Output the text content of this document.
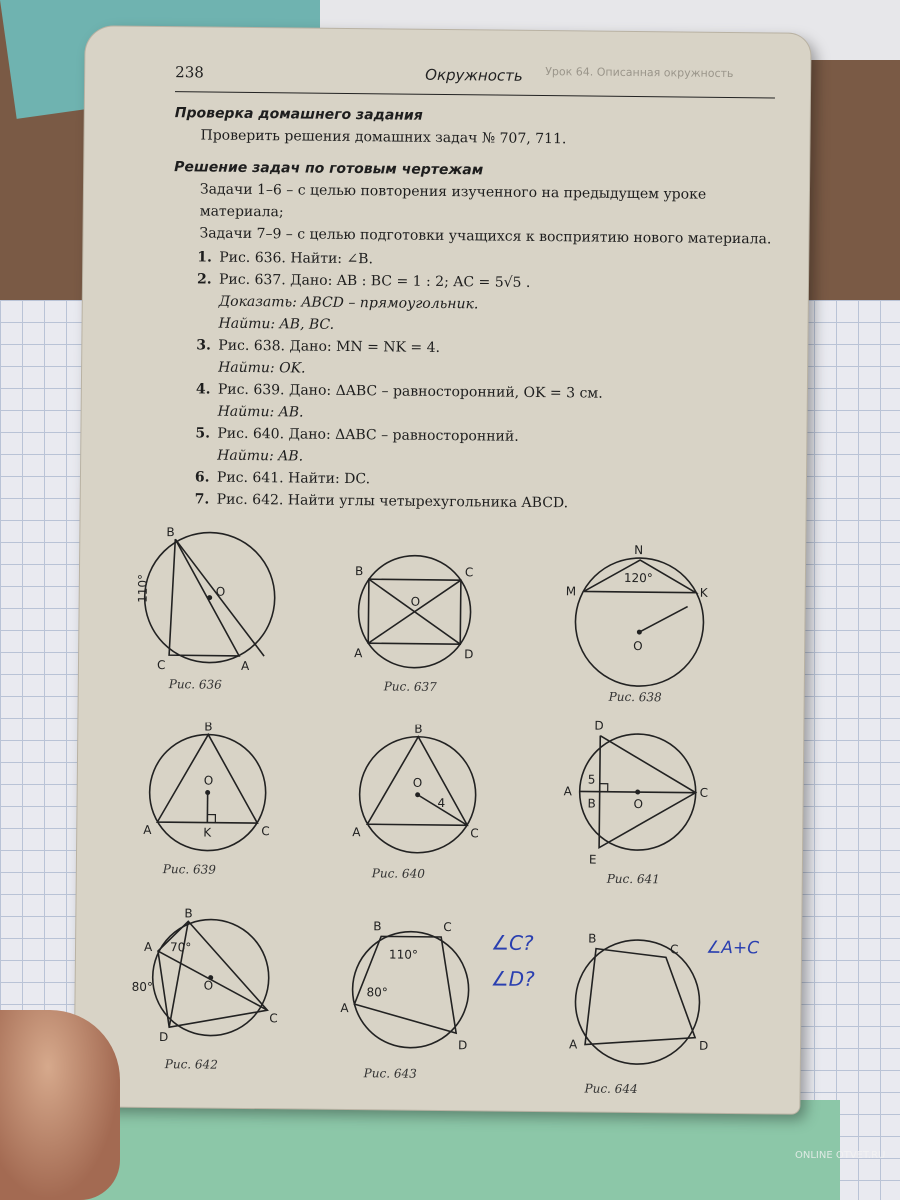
238	Окружность Урок 64. Описанная окружность
Проверка домашнего задания
Проверить решения домашних задач № 707, 711.
Решение задач по готовым чертежам
Задачи 1–6 – с целью повторения изученного на предыдущем уроке материала;
Задачи 7–9 – с целью подготовки учащихся к восприятию нового материала.
1. Рис. 636. Найти: ∠B.
2. Рис. 637. Дано: AB : BC = 1 : 2; AC = 5√5 .
Доказать: ABCD – прямоугольник.
Найти: AB, BC.
3. Рис. 638. Дано: MN = NK = 4.
Найти: OK.
4. Рис. 639. Дано: ΔABC – равносторонний, OK = 3 см.
Найти: AB.
5. Рис. 640. Дано: ΔABC – равносторонний.
Найти: AB.
6. Рис. 641. Найти: DC.
7. Рис. 642. Найти углы четырехугольника ABCD.
B
C	A
O
110°
Рис. 636
B	C
A	D
O
Рис. 637
N
M	K
O
120°
Рис. 638
B
A	C
K
O
Рис. 639
B
A	C
O
4
Рис. 640
D
A
B	O
C
E
5
Рис. 641
B
A
C
D
O
70°
80°
Рис. 642
B	C
A
D
110°
80°
Рис. 643
∠C?
∠D?
B
C
A	D
Рис. 644
∠A+C
ONLINE OTVET.RU
